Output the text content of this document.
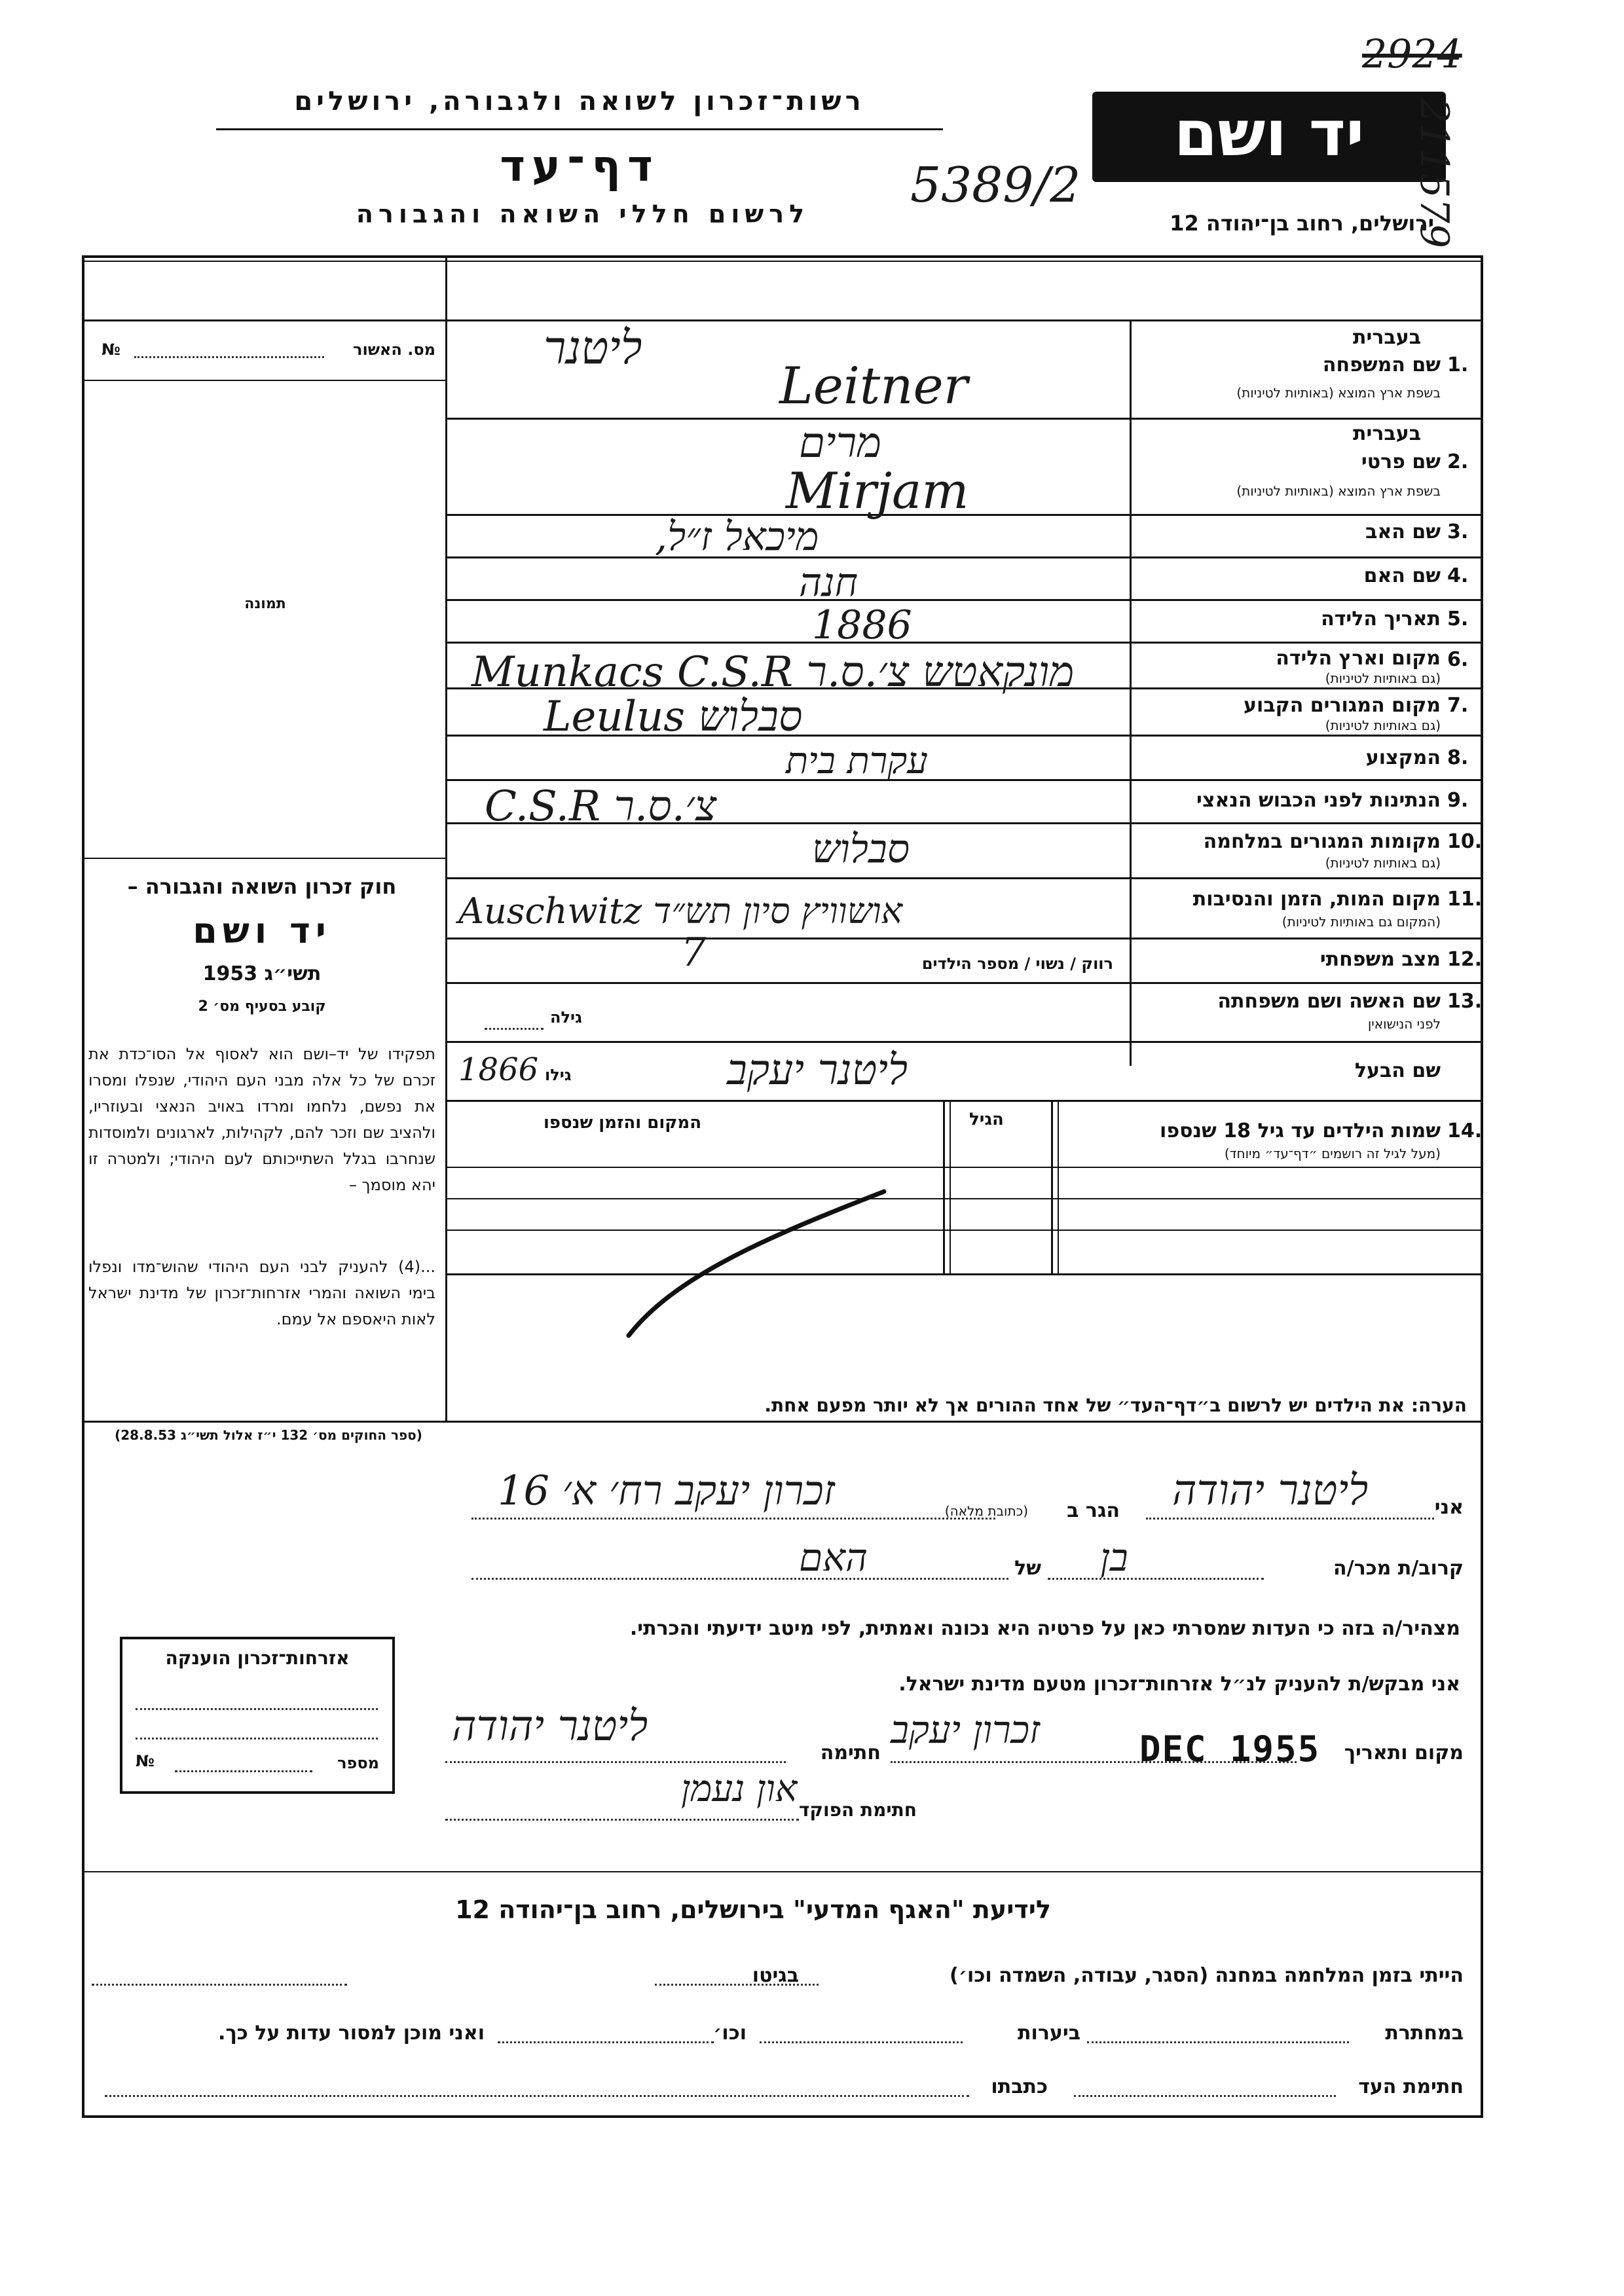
רשות־זכרון לשואה ולגבורה, ירושלים
דף־עד
לרשום חללי השואה והגבורה
יד ושם
ירושלים, רחוב בן־יהודה 12
5389/2
2924
211579
№	מס. האשור
תמונה
חוק זכרון השואה והגבורה –
יד ושם
תשי״ג 1953
קובע בסעיף מס׳ 2
תפקידו של יד–ושם הוא לאסוף אל הסו־כדת את זכרם של כל אלה מבני העם היהודי, שנפלו ומסרו את נפשם, נלחמו ומרדו באויב הנאצי ובעוזריו, ולהציב שם וזכר להם, לקהילות, לארגונים ולמוסדות שנחרבו בגלל השתייכותם לעם היהודי; ולמטרה זו יהא מוסמך –
...(4) להעניק לבני העם היהודי שהוש־מדו ונפלו בימי השואה והמרי אזרחות־זכרון של מדינת ישראל לאות היאספם אל עמם.
(ספר החוקים מס׳ 132 י״ז אלול תשי״ג 28.8.53)
בעברית
1.
שם המשפחה
בשפת ארץ המוצא (באותיות לטיניות)
ליטנר
Leitner
בעברית
2.
שם פרטי
בשפת ארץ המוצא (באותיות לטיניות)
מרים
Mirjam
3.
שם האב
מיכאל ז״ל,
4.
שם האם
חנה
5.
תאריך הלידה
1886
6.
מקום וארץ הלידה
(גם באותיות לטיניות)
Munkacs C.S.R מונקאטש צ׳.ס.ר
7.
מקום המגורים הקבוע
(גם באותיות לטיניות)
Leulus סבלוש
8.
המקצוע
עקרת בית
9.
הנתינות לפני הכבוש הנאצי
C.S.R צ׳.ס.ר
10.
מקומות המגורים במלחמה
(גם באותיות לטיניות)
סבלוש
11.
מקום המות, הזמן והנסיבות
(המקום גם באותיות לטיניות)
Auschwitz אושוויץ סיון תש״ד
12.
מצב משפחתי
רווק / נשוי / מספר הילדים
7
13.
שם האשה ושם משפחתה
לפני הנישואין
גילה
שם הבעל
גילו
1866	ליטנר יעקב
14.
שמות הילדים עד גיל 18 שנספו
(מעל לגיל זה רושמים ״דף־עד״ מיוחד)
הגיל
המקום והזמן שנספו
הערה: את הילדים יש לרשום ב״דף־העד״ של אחד ההורים אך לא יותר מפעם אחת.
אני
ליטנר יהודה
הגר ב
(כתובת מלאה)
זכרון יעקב רח׳ א׳ 16
קרוב/ת מכר/ה
בן
של
האם
מצהיר/ה בזה כי העדות שמסרתי כאן על פרטיה היא נכונה ואמתית, לפי מיטב ידיעתי והכרתי.
אני מבקש/ת להעניק לנ״ל אזרחות־זכרון מטעם מדינת ישראל.
מקום ותאריך
זכרון יעקב	DEC 1955
חתימה
ליטנר יהודה
חתימת הפוקד
און נעמן
אזרחות־זכרון הוענקה
מספר
№
לידיעת "האגף המדעי" בירושלים, רחוב בן־יהודה 12
הייתי בזמן המלחמה במחנה (הסגר, עבודה, השמדה וכו׳)
בגיטו
במחתרת
ביערות
וכו׳
ואני מוכן למסור עדות על כך.
חתימת העד
כתבתו
